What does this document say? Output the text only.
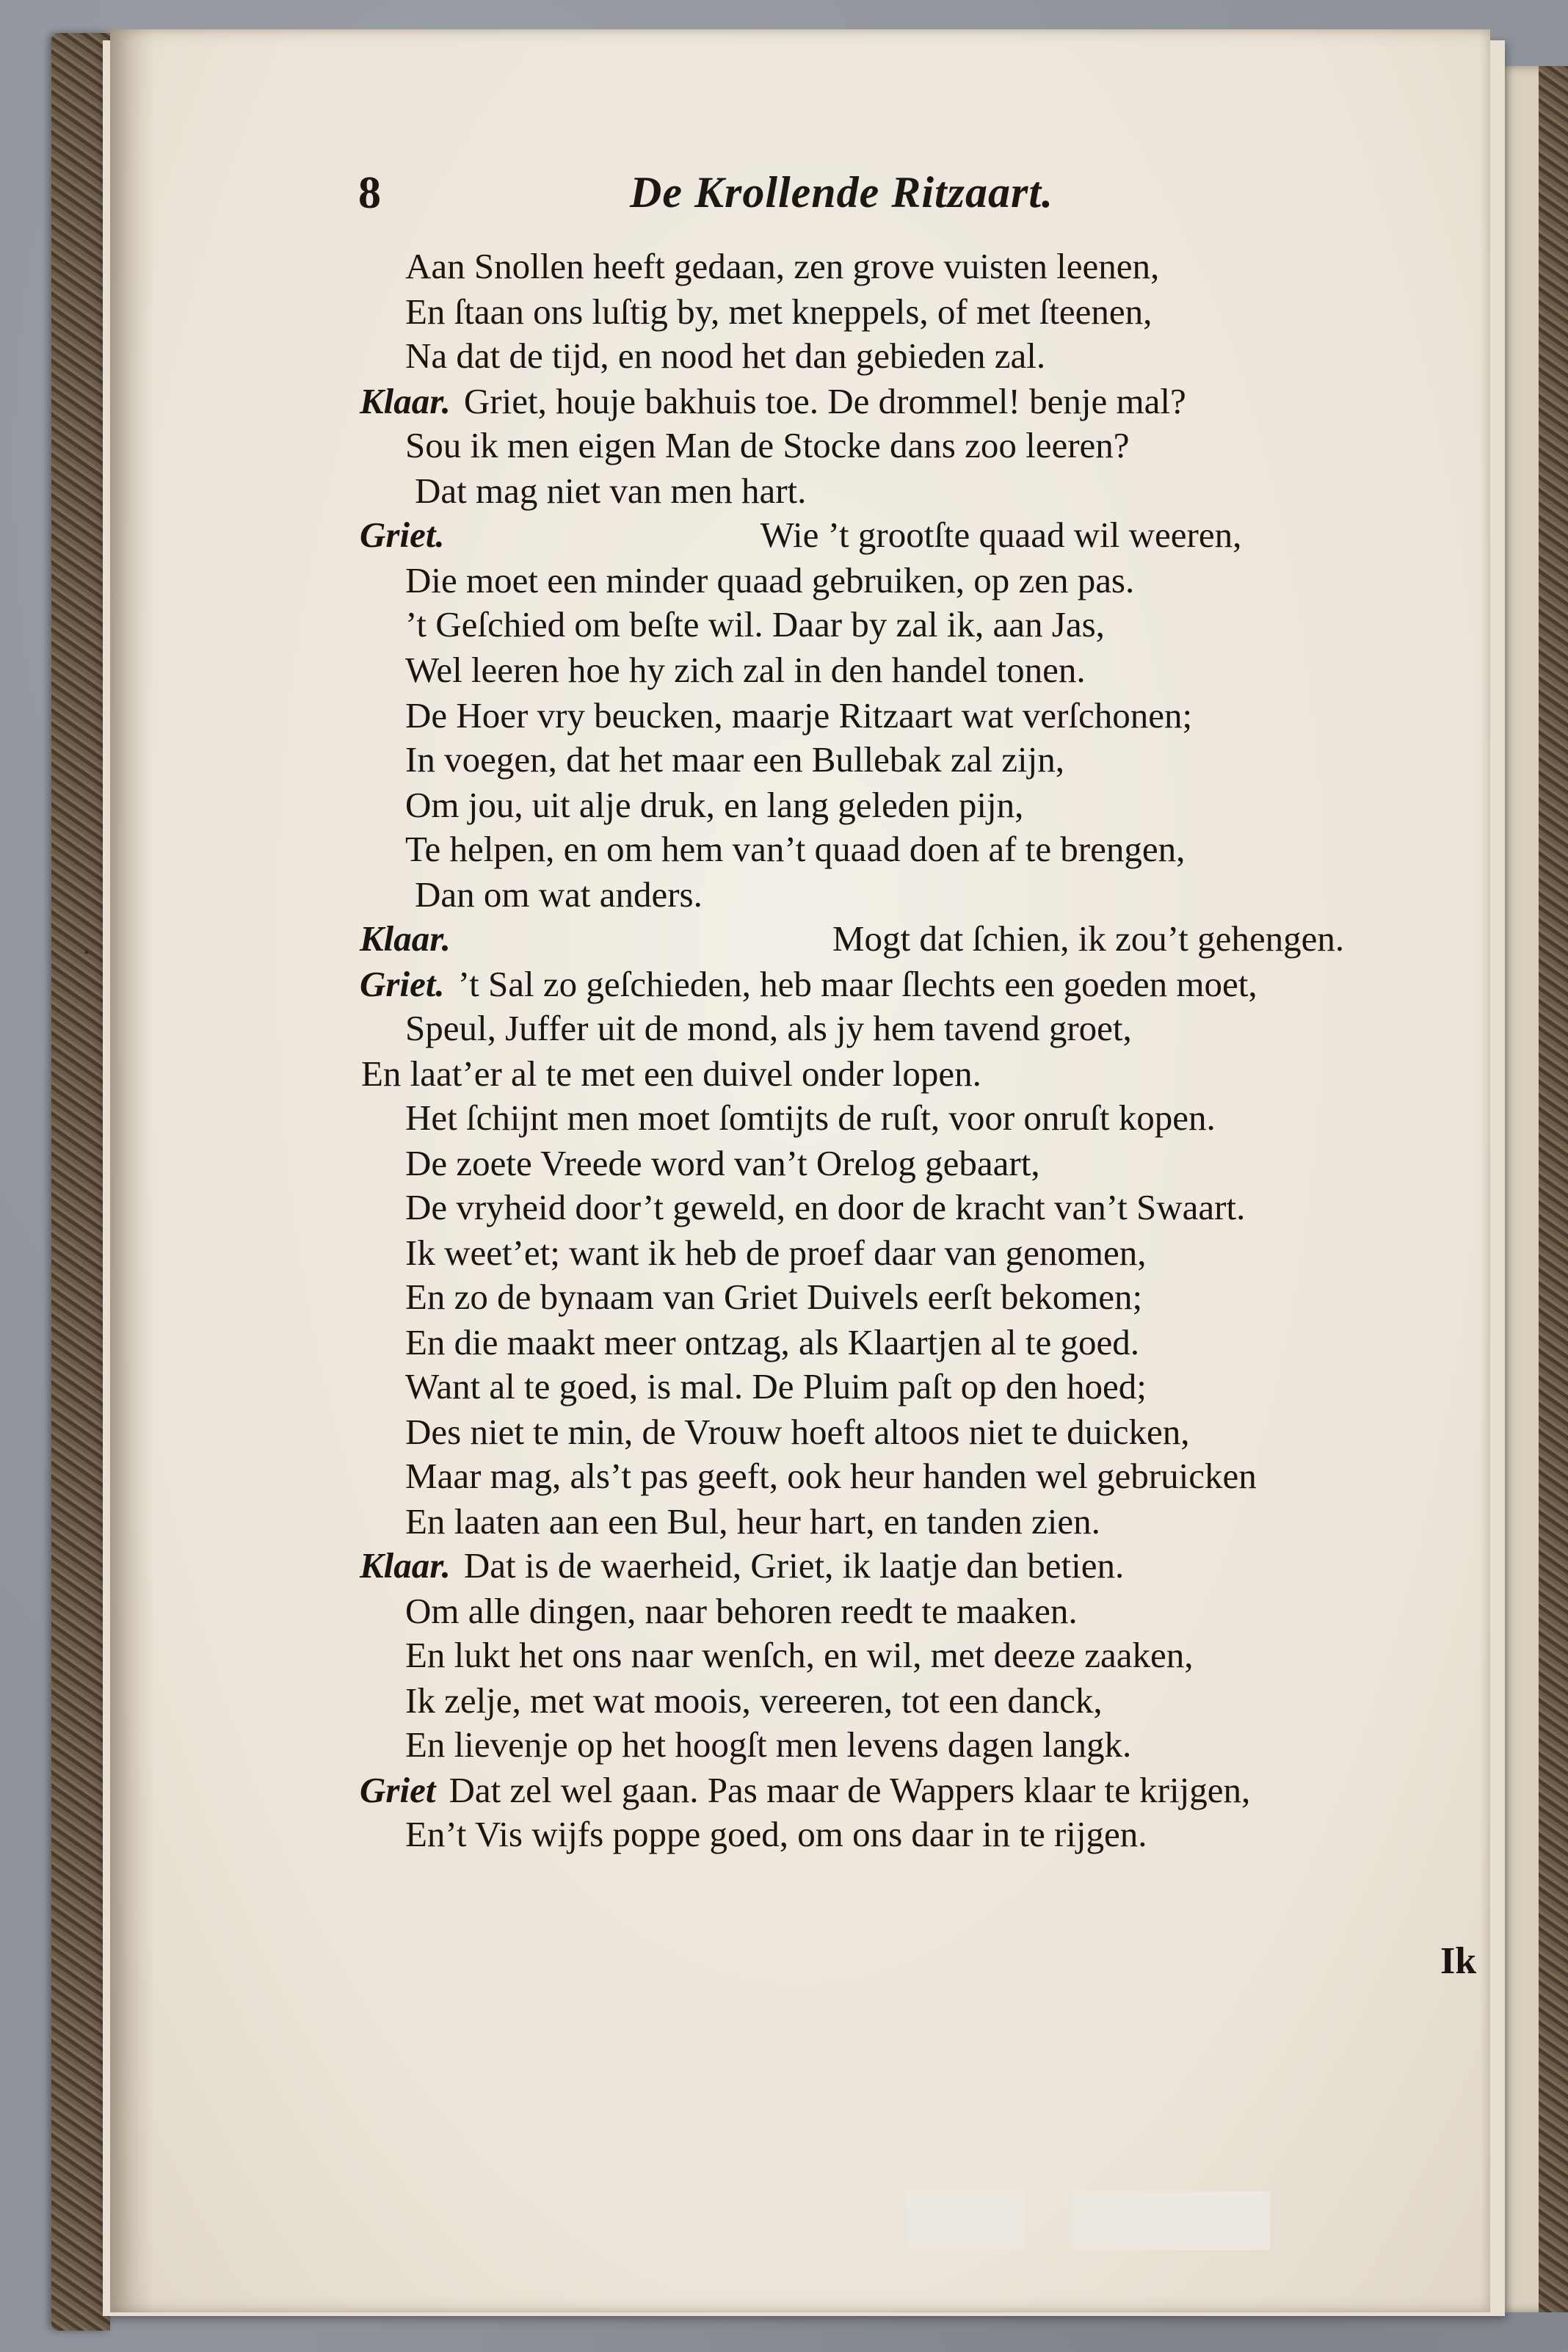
8	De Krollende Ritzaart.
Aan Snollen heeft gedaan, zen grove vuisten leenen,
En ſtaan ons luſtig by, met kneppels, of met ſteenen,
Na dat de tijd, en nood het dan gebieden zal.
Klaar. Griet, houje bakhuis toe. De drommel! benje mal?
Sou ik men eigen Man de Stocke dans zoo leeren?
Dat mag niet van men hart.
Griet.	Wie ’t grootſte quaad wil weeren,
Die moet een minder quaad gebruiken, op zen pas.
’t Geſchied om beſte wil. Daar by zal ik, aan Jas,
Wel leeren hoe hy zich zal in den handel tonen.
De Hoer vry beucken, maarje Ritzaart wat verſchonen;
In voegen, dat het maar een Bullebak zal zijn,
Om jou, uit alje druk, en lang geleden pijn,
Te helpen, en om hem van’t quaad doen af te brengen,
Dan om wat anders.
Klaar.	Mogt dat ſchien, ik zou’t gehengen.
Griet. ’t Sal zo geſchieden, heb maar ſlechts een goeden moet,
Speul, Juffer uit de mond, als jy hem tavend groet,
En laat’er al te met een duivel onder lopen.
Het ſchijnt men moet ſomtijts de ruſt, voor onruſt kopen.
De zoete Vreede word van’t Orelog gebaart,
De vryheid door’t geweld, en door de kracht van’t Swaart.
Ik weet’et; want ik heb de proef daar van genomen,
En zo de bynaam van Griet Duivels eerſt bekomen;
En die maakt meer ontzag, als Klaartjen al te goed.
Want al te goed, is mal. De Pluim paſt op den hoed;
Des niet te min, de Vrouw hoeft altoos niet te duicken,
Maar mag, als’t pas geeft, ook heur handen wel gebruicken
En laaten aan een Bul, heur hart, en tanden zien.
Klaar. Dat is de waerheid, Griet, ik laatje dan betien.
Om alle dingen, naar behoren reedt te maaken.
En lukt het ons naar wenſch, en wil, met deeze zaaken,
Ik zelje, met wat moois, vereeren, tot een danck,
En lievenje op het hoogſt men levens dagen langk.
Griet Dat zel wel gaan. Pas maar de Wappers klaar te krijgen,
En’t Vis wijfs poppe goed, om ons daar in te rijgen.
Ik
